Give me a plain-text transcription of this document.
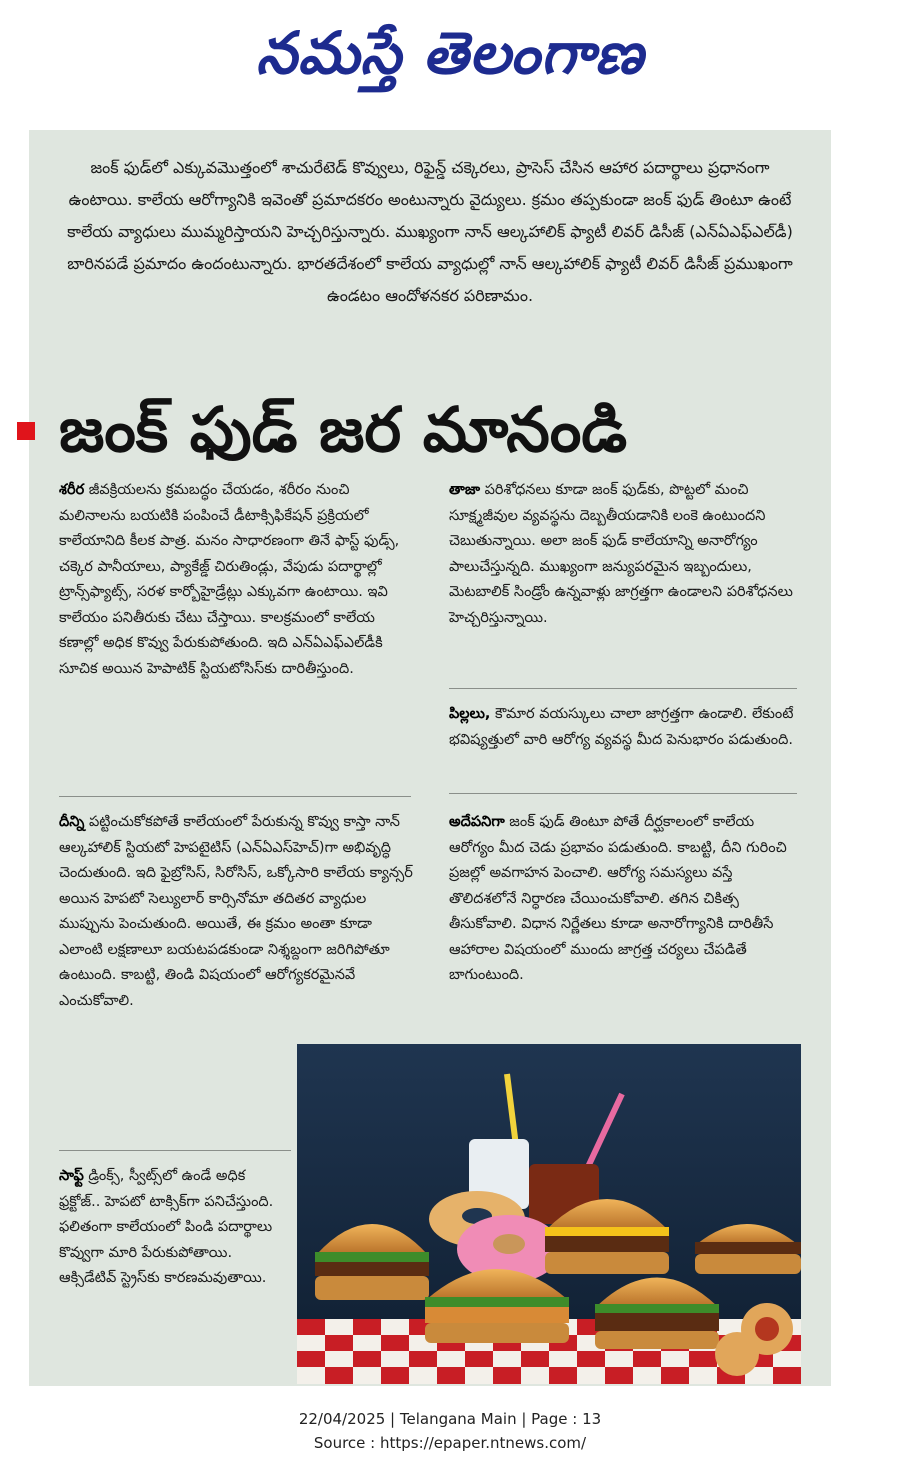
నమస్తే తెలంగాణ
జంక్ ఫుడ్‌లో ఎక్కువమొత్తంలో శాచురేటెడ్ కొవ్వులు, రిఫైన్డ్ చక్కెరలు, ప్రాసెస్ చేసిన ఆహార పదార్థాలు ప్రధానంగా ఉంటాయి. కాలేయ ఆరోగ్యానికి ఇవెంతో ప్రమాదకరం అంటున్నారు వైద్యులు. క్రమం తప్పకుండా జంక్ ఫుడ్ తింటూ ఉంటే కాలేయ వ్యాధులు ముమ్మరిస్తాయని హెచ్చరిస్తున్నారు. ముఖ్యంగా నాన్ ఆల్కహాలిక్ ఫ్యాటీ లివర్ డిసీజ్ (ఎన్ఏఎఫ్ఎల్‌డీ) బారినపడే ప్రమాదం ఉందంటున్నారు. భారతదేశంలో కాలేయ వ్యాధుల్లో నాన్ ఆల్కహాలిక్ ఫ్యాటీ లివర్ డిసీజ్ ప్రముఖంగా ఉండటం ఆందోళనకర పరిణామం.
జంక్ ఫుడ్ జర మానండి
శరీర జీవక్రియలను క్రమబద్ధం చేయడం, శరీరం నుంచి మలినాలను బయటికి పంపించే డీటాక్సిఫికేషన్ ప్రక్రియలో కాలేయానిది కీలక పాత్ర. మనం సాధారణంగా తినే ఫాస్ట్ ఫుడ్స్, చక్కెర పానీయాలు, ప్యాకేజ్డ్ చిరుతిండ్లు, వేపుడు పదార్థాల్లో ట్రాన్స్‌ఫ్యాట్స్, సరళ కార్బోహైడ్రేట్లు ఎక్కువగా ఉంటాయి. ఇవి కాలేయం పనితీరుకు చేటు చేస్తాయి. కాలక్రమంలో కాలేయ కణాల్లో అధిక కొవ్వు పేరుకుపోతుంది. ఇది ఎన్ఏఎఫ్ఎల్‌డీకి సూచిక అయిన హెపాటిక్ స్టియటోసిస్‌కు దారితీస్తుంది.
దీన్ని పట్టించుకోకపోతే కాలేయంలో పేరుకున్న కొవ్వు కాస్తా నాన్ ఆల్కహాలిక్ స్టియటో హెపటైటిస్ (ఎన్ఏఎస్‌హెచ్)గా అభివృద్ధి చెందుతుంది. ఇది ఫైబ్రోసిస్, సిరోసిస్, ఒక్కోసారి కాలేయ క్యాన్సర్ అయిన హెపటో సెల్యులార్ కార్సినోమా తదితర వ్యాధుల ముప్పును పెంచుతుంది. అయితే, ఈ క్రమం అంతా కూడా ఎలాంటి లక్షణాలూ బయటపడకుండా నిశ్శబ్దంగా జరిగిపోతూ ఉంటుంది. కాబట్టి, తిండి విషయంలో ఆరోగ్యకరమైనవే ఎంచుకోవాలి.
సాఫ్ట్ డ్రింక్స్, స్వీట్స్‌లో ఉండే అధిక ఫ్రక్టోజ్.. హెపటో టాక్సిక్‌గా పనిచేస్తుంది. ఫలితంగా కాలేయంలో పిండి పదార్థాలు కొవ్వుగా మారి పేరుకుపోతాయి. ఆక్సిడేటివ్ స్ట్రెస్‌కు కారణమవుతాయి.
తాజా పరిశోధనలు కూడా జంక్ ఫుడ్‌కు, పొట్టలో మంచి సూక్ష్మజీవుల వ్యవస్థను దెబ్బతీయడానికి లంకె ఉంటుందని చెబుతున్నాయి. అలా జంక్ ఫుడ్ కాలేయాన్ని అనారోగ్యం పాలుచేస్తున్నది. ముఖ్యంగా జన్యుపరమైన ఇబ్బందులు, మెటబాలిక్ సిండ్రోం ఉన్నవాళ్లు జాగ్రత్తగా ఉండాలని పరిశోధనలు హెచ్చరిస్తున్నాయి.
పిల్లలు, కౌమార వయస్కులు చాలా జాగ్రత్తగా ఉండాలి. లేకుంటే భవిష్యత్తులో వారి ఆరోగ్య వ్యవస్థ మీద పెనుభారం పడుతుంది.
అదేపనిగా జంక్ ఫుడ్ తింటూ పోతే దీర్ఘకాలంలో కాలేయ ఆరోగ్యం మీద చెడు ప్రభావం పడుతుంది. కాబట్టి, దీని గురించి ప్రజల్లో అవగాహన పెంచాలి. ఆరోగ్య సమస్యలు వస్తే తొలిదశలోనే నిర్ధారణ చేయించుకోవాలి. తగిన చికిత్స తీసుకోవాలి. విధాన నిర్ణేతలు కూడా అనారోగ్యానికి దారితీసే ఆహారాల విషయంలో ముందు జాగ్రత్త చర్యలు చేపడితే బాగుంటుంది.
22/04/2025 | Telangana Main | Page : 13
Source : https://epaper.ntnews.com/
